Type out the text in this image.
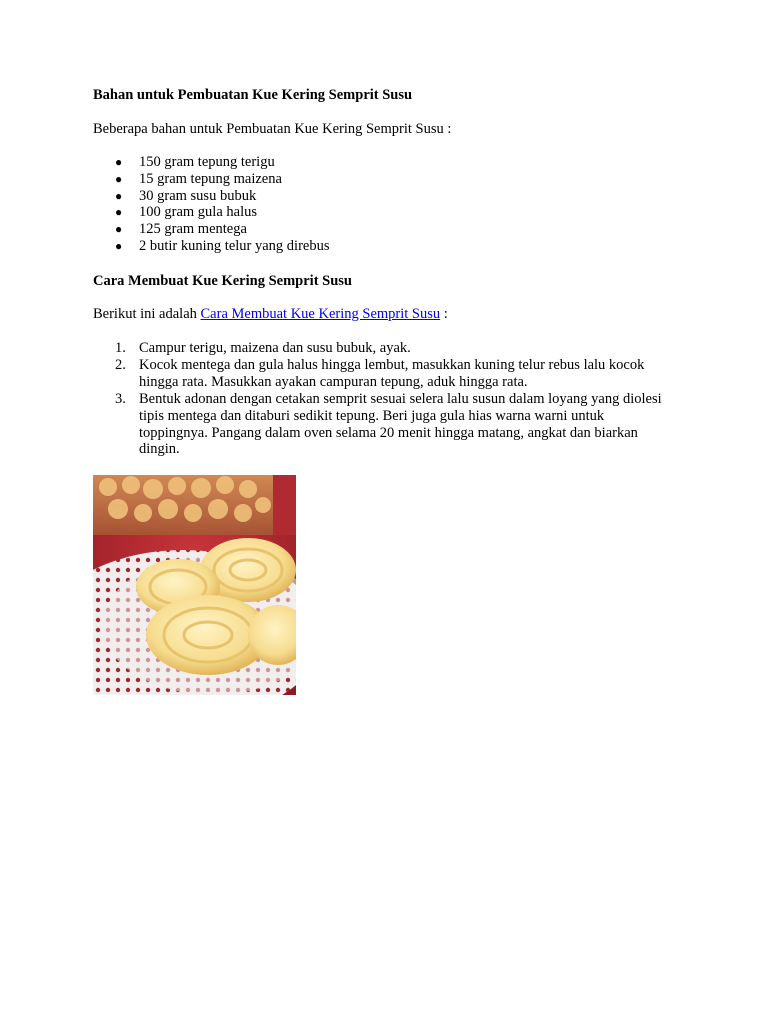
Bahan untuk Pembuatan Kue Kering Semprit Susu

Beberapa bahan untuk Pembuatan Kue Kering Semprit Susu :

● 150 gram tepung terigu
● 15 gram tepung maizena
● 30 gram susu bubuk
● 100 gram gula halus
● 125 gram mentega
● 2 butir kuning telur yang direbus

Cara Membuat Kue Kering Semprit Susu

Berikut ini adalah Cara Membuat Kue Kering Semprit Susu :

1. Campur terigu, maizena dan susu bubuk, ayak.
2. Kocok mentega dan gula halus hingga lembut, masukkan kuning telur rebus lalu kocok hingga rata. Masukkan ayakan campuran tepung, aduk hingga rata.
3. Bentuk adonan dengan cetakan semprit sesuai selera lalu susun dalam loyang yang diolesi tipis mentega dan ditaburi sedikit tepung. Beri juga gula hias warna warni untuk toppingnya. Pangang dalam oven selama 20 menit hingga matang, angkat dan biarkan dingin.
